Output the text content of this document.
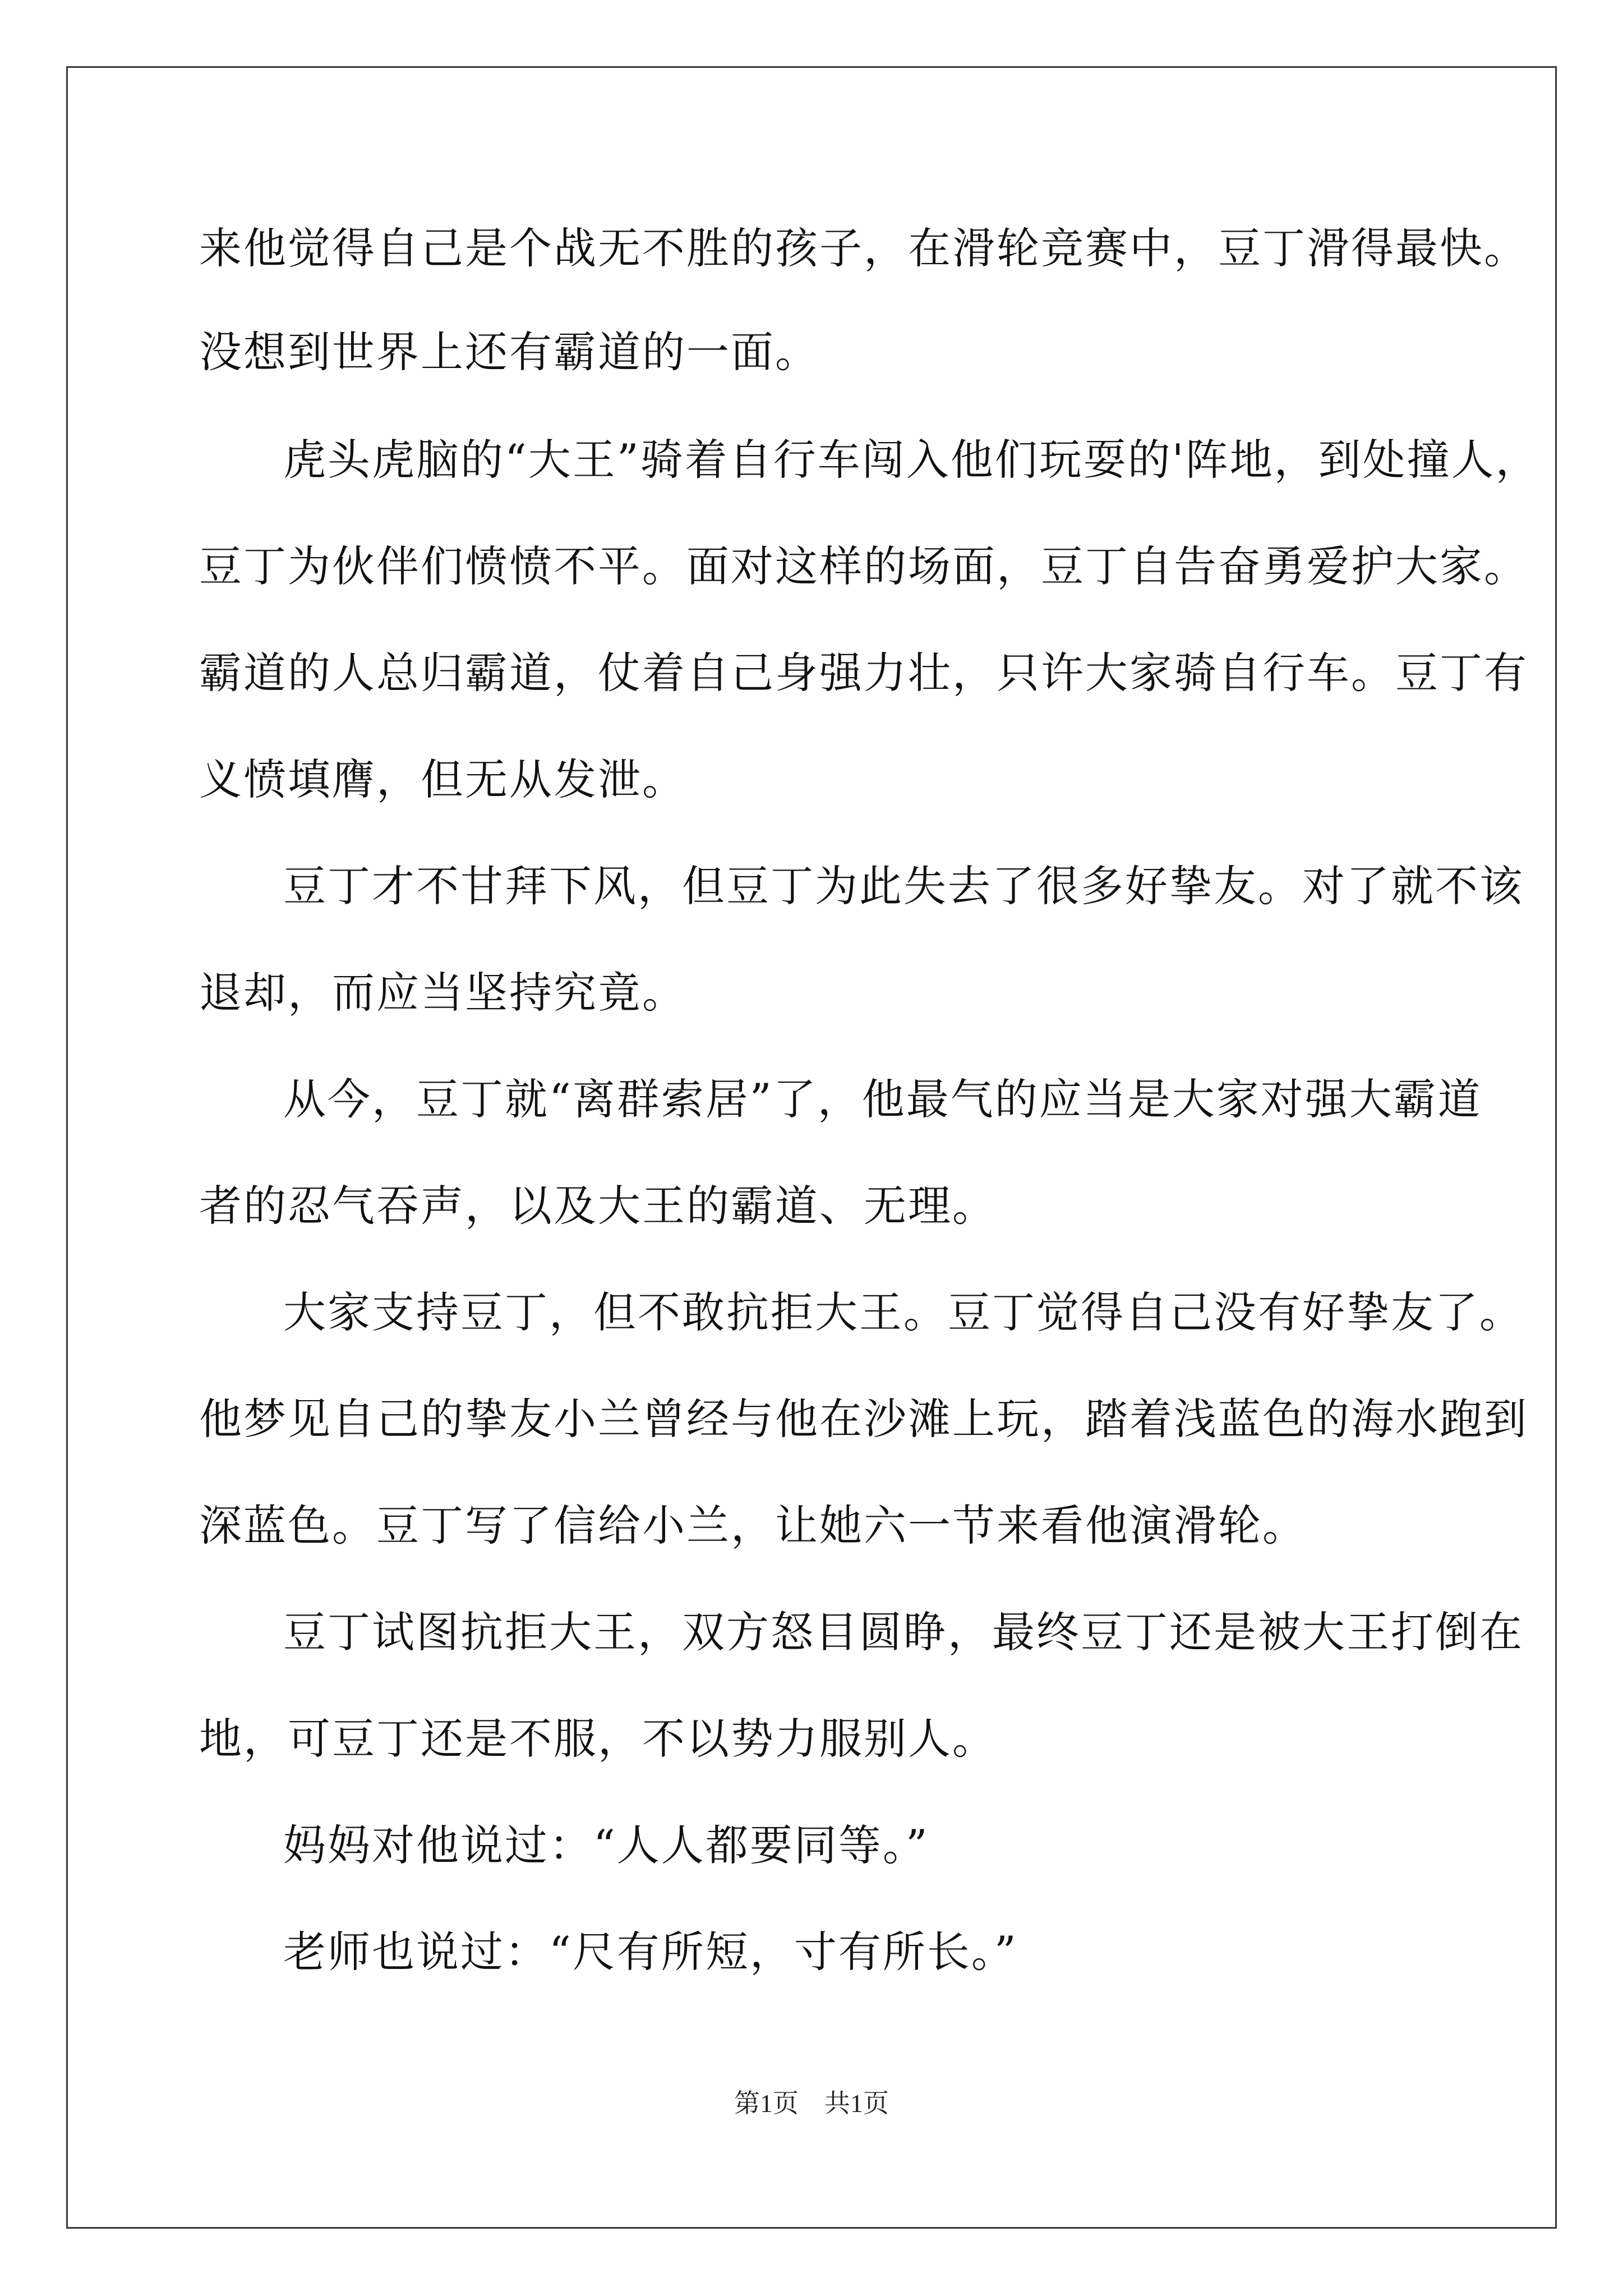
来他觉得自己是个战无不胜的孩子，在滑轮竞赛中，豆丁滑得最快。
没想到世界上还有霸道的一面。
虎头虎脑的“大王”骑着自行车闯入他们玩耍的'阵地，到处撞人，
豆丁为伙伴们愤愤不平。面对这样的场面，豆丁自告奋勇爱护大家。
霸道的人总归霸道，仗着自己身强力壮，只许大家骑自行车。豆丁有
义愤填膺，但无从发泄。
豆丁才不甘拜下风，但豆丁为此失去了很多好挚友。对了就不该
退却，而应当坚持究竟。
从今，豆丁就“离群索居”了，他最气的应当是大家对强大霸道
者的忍气吞声，以及大王的霸道、无理。
大家支持豆丁，但不敢抗拒大王。豆丁觉得自己没有好挚友了。
他梦见自己的挚友小兰曾经与他在沙滩上玩，踏着浅蓝色的海水跑到
深蓝色。豆丁写了信给小兰，让她六一节来看他演滑轮。
豆丁试图抗拒大王，双方怒目圆睁，最终豆丁还是被大王打倒在
地，可豆丁还是不服，不以势力服别人。
妈妈对他说过：“人人都要同等。”
老师也说过：“尺有所短，寸有所长。”
第1页 共1页
